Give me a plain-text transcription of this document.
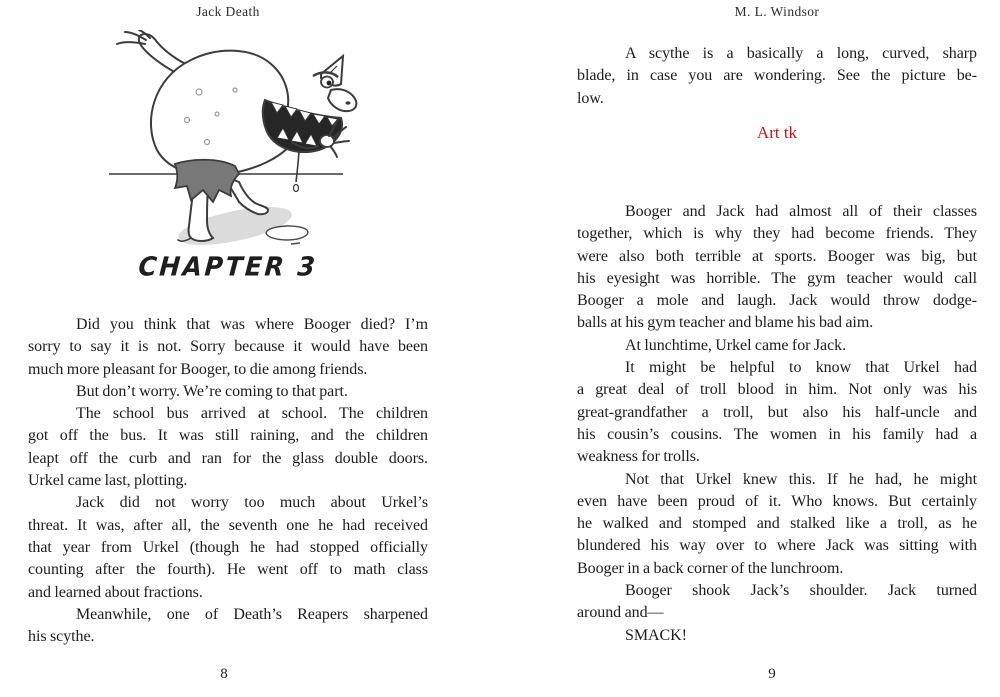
Jack Death
CHAPTER 3
Did you think that was where Booger died? I’m
sorry to say it is not. Sorry because it would have been
much more pleasant for Booger, to die among friends.
But don’t worry. We’re coming to that part.
The school bus arrived at school. The children
got off the bus. It was still raining, and the children
leapt off the curb and ran for the glass double doors.
Urkel came last, plotting.
Jack did not worry too much about Urkel’s
threat. It was, after all, the seventh one he had received
that year from Urkel (though he had stopped officially
counting after the fourth). He went off to math class
and learned about fractions.
Meanwhile, one of Death’s Reapers sharpened
his scythe.
8
M. L. Windsor
A scythe is a basically a long, curved, sharp
blade, in case you are wondering. See the picture be-
low.
Art tk
Booger and Jack had almost all of their classes
together, which is why they had become friends. They
were also both terrible at sports. Booger was big, but
his eyesight was horrible. The gym teacher would call
Booger a mole and laugh. Jack would throw dodge-
balls at his gym teacher and blame his bad aim.
At lunchtime, Urkel came for Jack.
It might be helpful to know that Urkel had
a great deal of troll blood in him. Not only was his
great-grandfather a troll, but also his half-uncle and
his cousin’s cousins. The women in his family had a
weakness for trolls.
Not that Urkel knew this. If he had, he might
even have been proud of it. Who knows. But certainly
he walked and stomped and stalked like a troll, as he
blundered his way over to where Jack was sitting with
Booger in a back corner of the lunchroom.
Booger shook Jack’s shoulder. Jack turned
around and—
SMACK!
9
